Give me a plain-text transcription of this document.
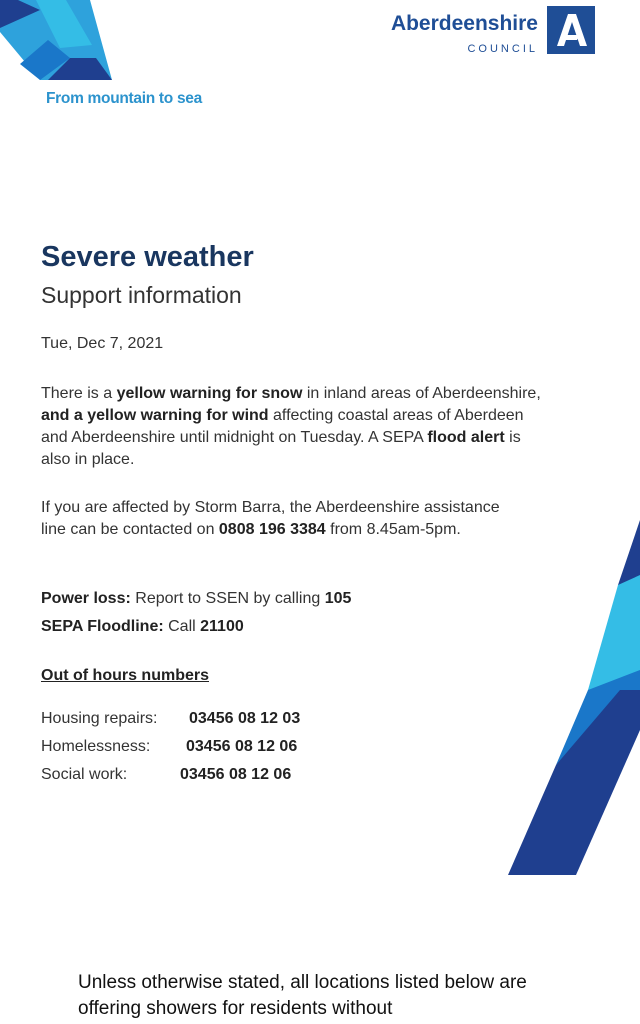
Aberdeenshire
COUNCIL
From mountain to sea
Severe weather
Support information
Tue, Dec 7, 2021
There is a yellow warning for snow in inland areas of Aberdeenshire, and a yellow warning for wind affecting coastal areas of Aberdeen and Aberdeenshire until midnight on Tuesday. A SEPA flood alert is also in place.
If you are affected by Storm Barra, the Aberdeenshire assistance line can be contacted on 0808 196 3384 from 8.45am-5pm.
Power loss: Report to SSEN by calling 105
SEPA Floodline: Call 21100
Out of hours numbers
Housing repairs: 03456 08 12 03
Homelessness: 03456 08 12 06
Social work:	03456 08 12 06
Unless otherwise stated, all locations listed below are offering showers for residents without
